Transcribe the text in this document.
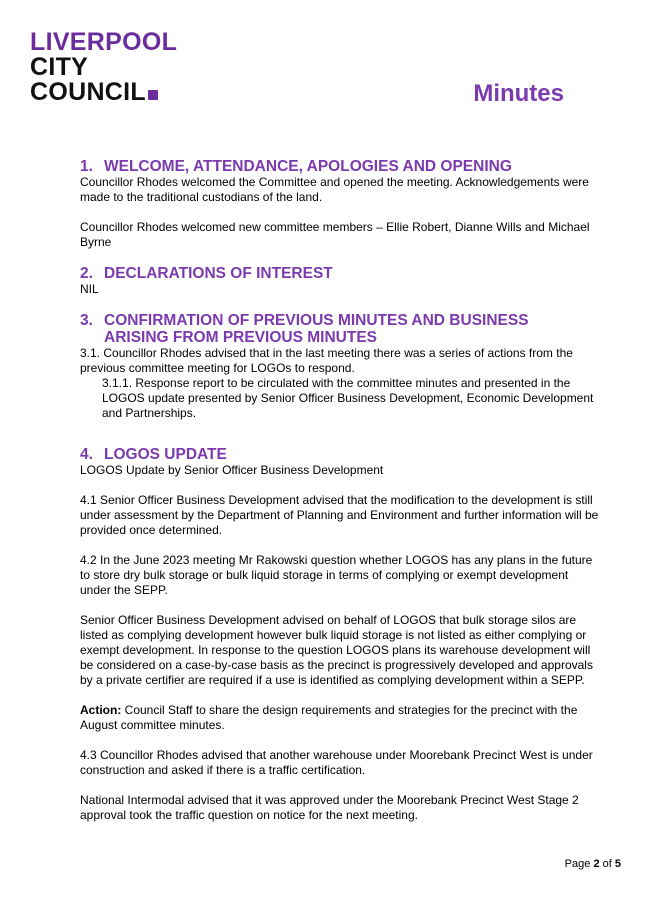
LIVERPOOL
CITY
COUNCIL	Minutes
1. WELCOME, ATTENDANCE, APOLOGIES AND OPENING

Councillor Rhodes welcomed the Committee and opened the meeting. Acknowledgements were made to the traditional custodians of the land.

Councillor Rhodes welcomed new committee members – Ellie Robert, Dianne Wills and Michael Byrne

2. DECLARATIONS OF INTEREST

NIL

3. CONFIRMATION OF PREVIOUS MINUTES AND BUSINESS ARISING FROM PREVIOUS MINUTES

3.1. Councillor Rhodes advised that in the last meeting there was a series of actions from the previous committee meeting for LOGOs to respond.

3.1.1. Response report to be circulated with the committee minutes and presented in the LOGOS update presented by Senior Officer Business Development, Economic Development and Partnerships.

4. LOGOS UPDATE

LOGOS Update by Senior Officer Business Development

4.1 Senior Officer Business Development advised that the modification to the development is still under assessment by the Department of Planning and Environment and further information will be provided once determined.

4.2 In the June 2023 meeting Mr Rakowski question whether LOGOS has any plans in the future to store dry bulk storage or bulk liquid storage in terms of complying or exempt development under the SEPP.

Senior Officer Business Development advised on behalf of LOGOS that bulk storage silos are listed as complying development however bulk liquid storage is not listed as either complying or exempt development. In response to the question LOGOS plans its warehouse development will be considered on a case-by-case basis as the precinct is progressively developed and approvals by a private certifier are required if a use is identified as complying development within a SEPP.

Action: Council Staff to share the design requirements and strategies for the precinct with the August committee minutes.

4.3 Councillor Rhodes advised that another warehouse under Moorebank Precinct West is under construction and asked if there is a traffic certification.

National Intermodal advised that it was approved under the Moorebank Precinct West Stage 2 approval took the traffic question on notice for the next meeting.

Page 2 of 5
